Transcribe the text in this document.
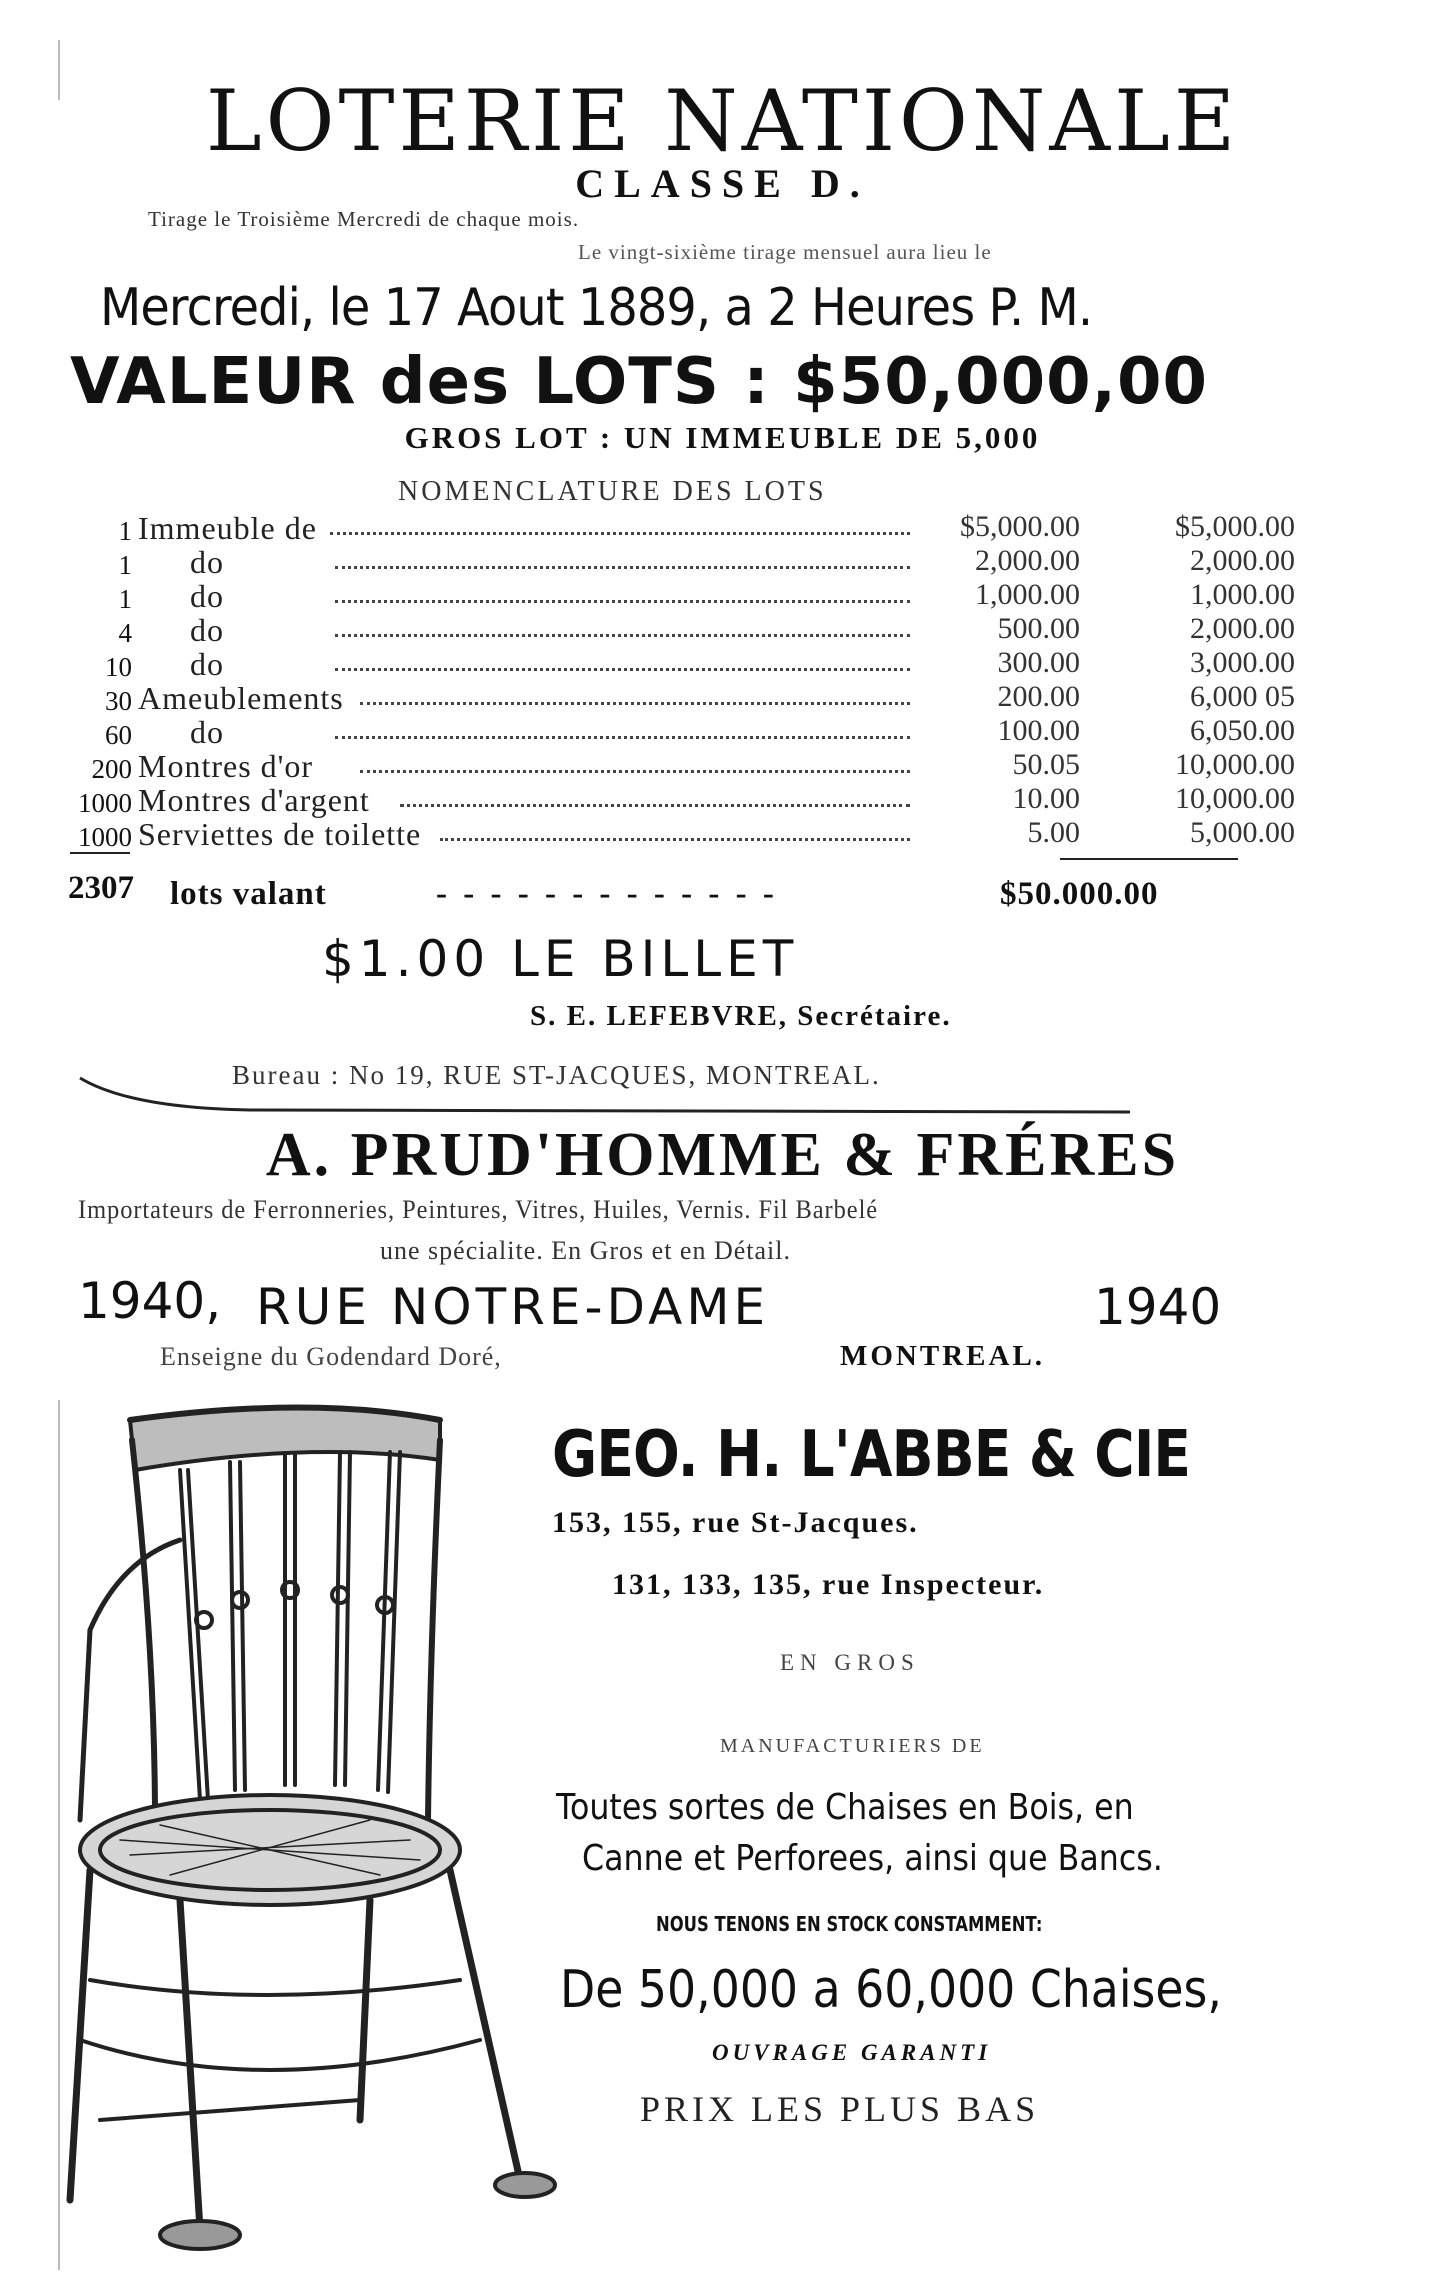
LOTERIE NATIONALE
CLASSE D.
Tirage le Troisième Mercredi de chaque mois.
Le vingt-sixième tirage mensuel aura lieu le
Mercredi, le 17 Aout 1889, a 2 Heures P. M.
VALEUR des LOTS : $50,000,00
GROS LOT : UN IMMEUBLE DE 5,000
NOMENCLATURE DES LOTS
1 Immeuble de	$5,000.00	$5,000.00
1 do	2,000.00	2,000.00
1 do	1,000.00	1,000.00
4 do	500.00	2,000.00
10 do	300.00	3,000.00
30 Ameublements	200.00	6,000 05
60 do	100.00	6,050.00
200 Montres d'or	50.05	10,000.00
1000 Montres d'argent	10.00	10,000.00
1000 Serviettes de toilette	5.00	5,000.00
2307 lots valant	- - - - - - - - - - - - -	$50.000.00
$1.00 LE BILLET
S. E. LEFEBVRE, Secrétaire.
Bureau : No 19, RUE ST-JACQUES, MONTREAL.
A. PRUD'HOMME & FRÉRES
Importateurs de Ferronneries, Peintures, Vitres, Huiles, Vernis. Fil Barbelé
une spécialite. En Gros et en Détail.
1940, RUE NOTRE-DAME	1940
Enseigne du Godendard Doré,	MONTREAL.
GEO. H. L'ABBE & CIE
153, 155, rue St-Jacques.
131, 133, 135, rue Inspecteur.
EN GROS
MANUFACTURIERS DE
Toutes sortes de Chaises en Bois, en
Canne et Perforees, ainsi que Bancs.
NOUS TENONS EN STOCK CONSTAMMENT:
De 50,000 a 60,000 Chaises,
OUVRAGE GARANTI
PRIX LES PLUS BAS
